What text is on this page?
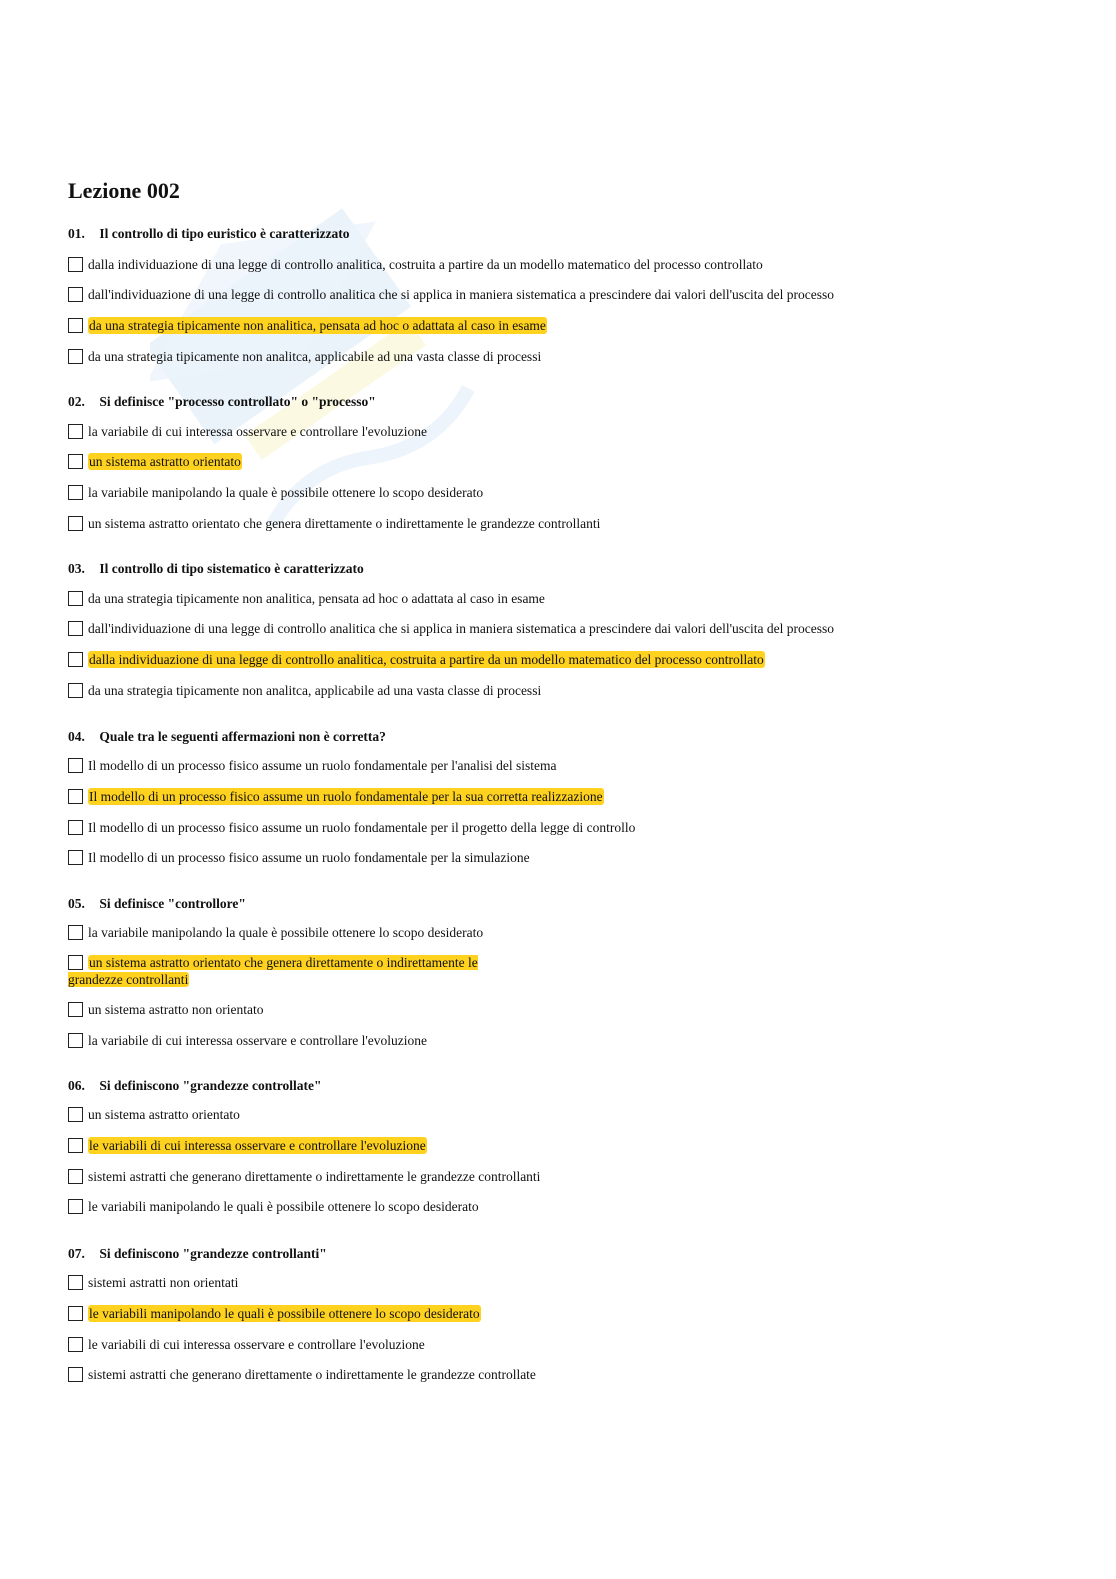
Lezione 002
01. Il controllo di tipo euristico è caratterizzato
dalla individuazione di una legge di controllo analitica, costruita a partire da un modello matematico del processo controllato
dall'individuazione di una legge di controllo analitica che si applica in maniera sistematica a prescindere dai valori dell'uscita del processo
da una strategia tipicamente non analitica, pensata ad hoc o adattata al caso in esame
da una strategia tipicamente non analitca, applicabile ad una vasta classe di processi
02. Si definisce "processo controllato" o "processo"
la variabile di cui interessa osservare e controllare l'evoluzione
un sistema astratto orientato
la variabile manipolando la quale è possibile ottenere lo scopo desiderato
un sistema astratto orientato che genera direttamente o indirettamente le grandezze controllanti
03. Il controllo di tipo sistematico è caratterizzato
da una strategia tipicamente non analitica, pensata ad hoc o adattata al caso in esame
dall'individuazione di una legge di controllo analitica che si applica in maniera sistematica a prescindere dai valori dell'uscita del processo
dalla individuazione di una legge di controllo analitica, costruita a partire da un modello matematico del processo controllato
da una strategia tipicamente non analitca, applicabile ad una vasta classe di processi
04. Quale tra le seguenti affermazioni non è corretta?
Il modello di un processo fisico assume un ruolo fondamentale per l'analisi del sistema
Il modello di un processo fisico assume un ruolo fondamentale per la sua corretta realizzazione
Il modello di un processo fisico assume un ruolo fondamentale per il progetto della legge di controllo
Il modello di un processo fisico assume un ruolo fondamentale per la simulazione
05. Si definisce "controllore"
la variabile manipolando la quale è possibile ottenere lo scopo desiderato
un sistema astratto orientato che genera direttamente o indirettamente le grandezze controllanti
un sistema astratto non orientato
la variabile di cui interessa osservare e controllare l'evoluzione
06. Si definiscono "grandezze controllate"
un sistema astratto orientato
le variabili di cui interessa osservare e controllare l'evoluzione
sistemi astratti che generano direttamente o indirettamente le grandezze controllanti
le variabili manipolando le quali è possibile ottenere lo scopo desiderato
07. Si definiscono "grandezze controllanti"
sistemi astratti non orientati
le variabili manipolando le quali è possibile ottenere lo scopo desiderato
le variabili di cui interessa osservare e controllare l'evoluzione
sistemi astratti che generano direttamente o indirettamente le grandezze controllate
